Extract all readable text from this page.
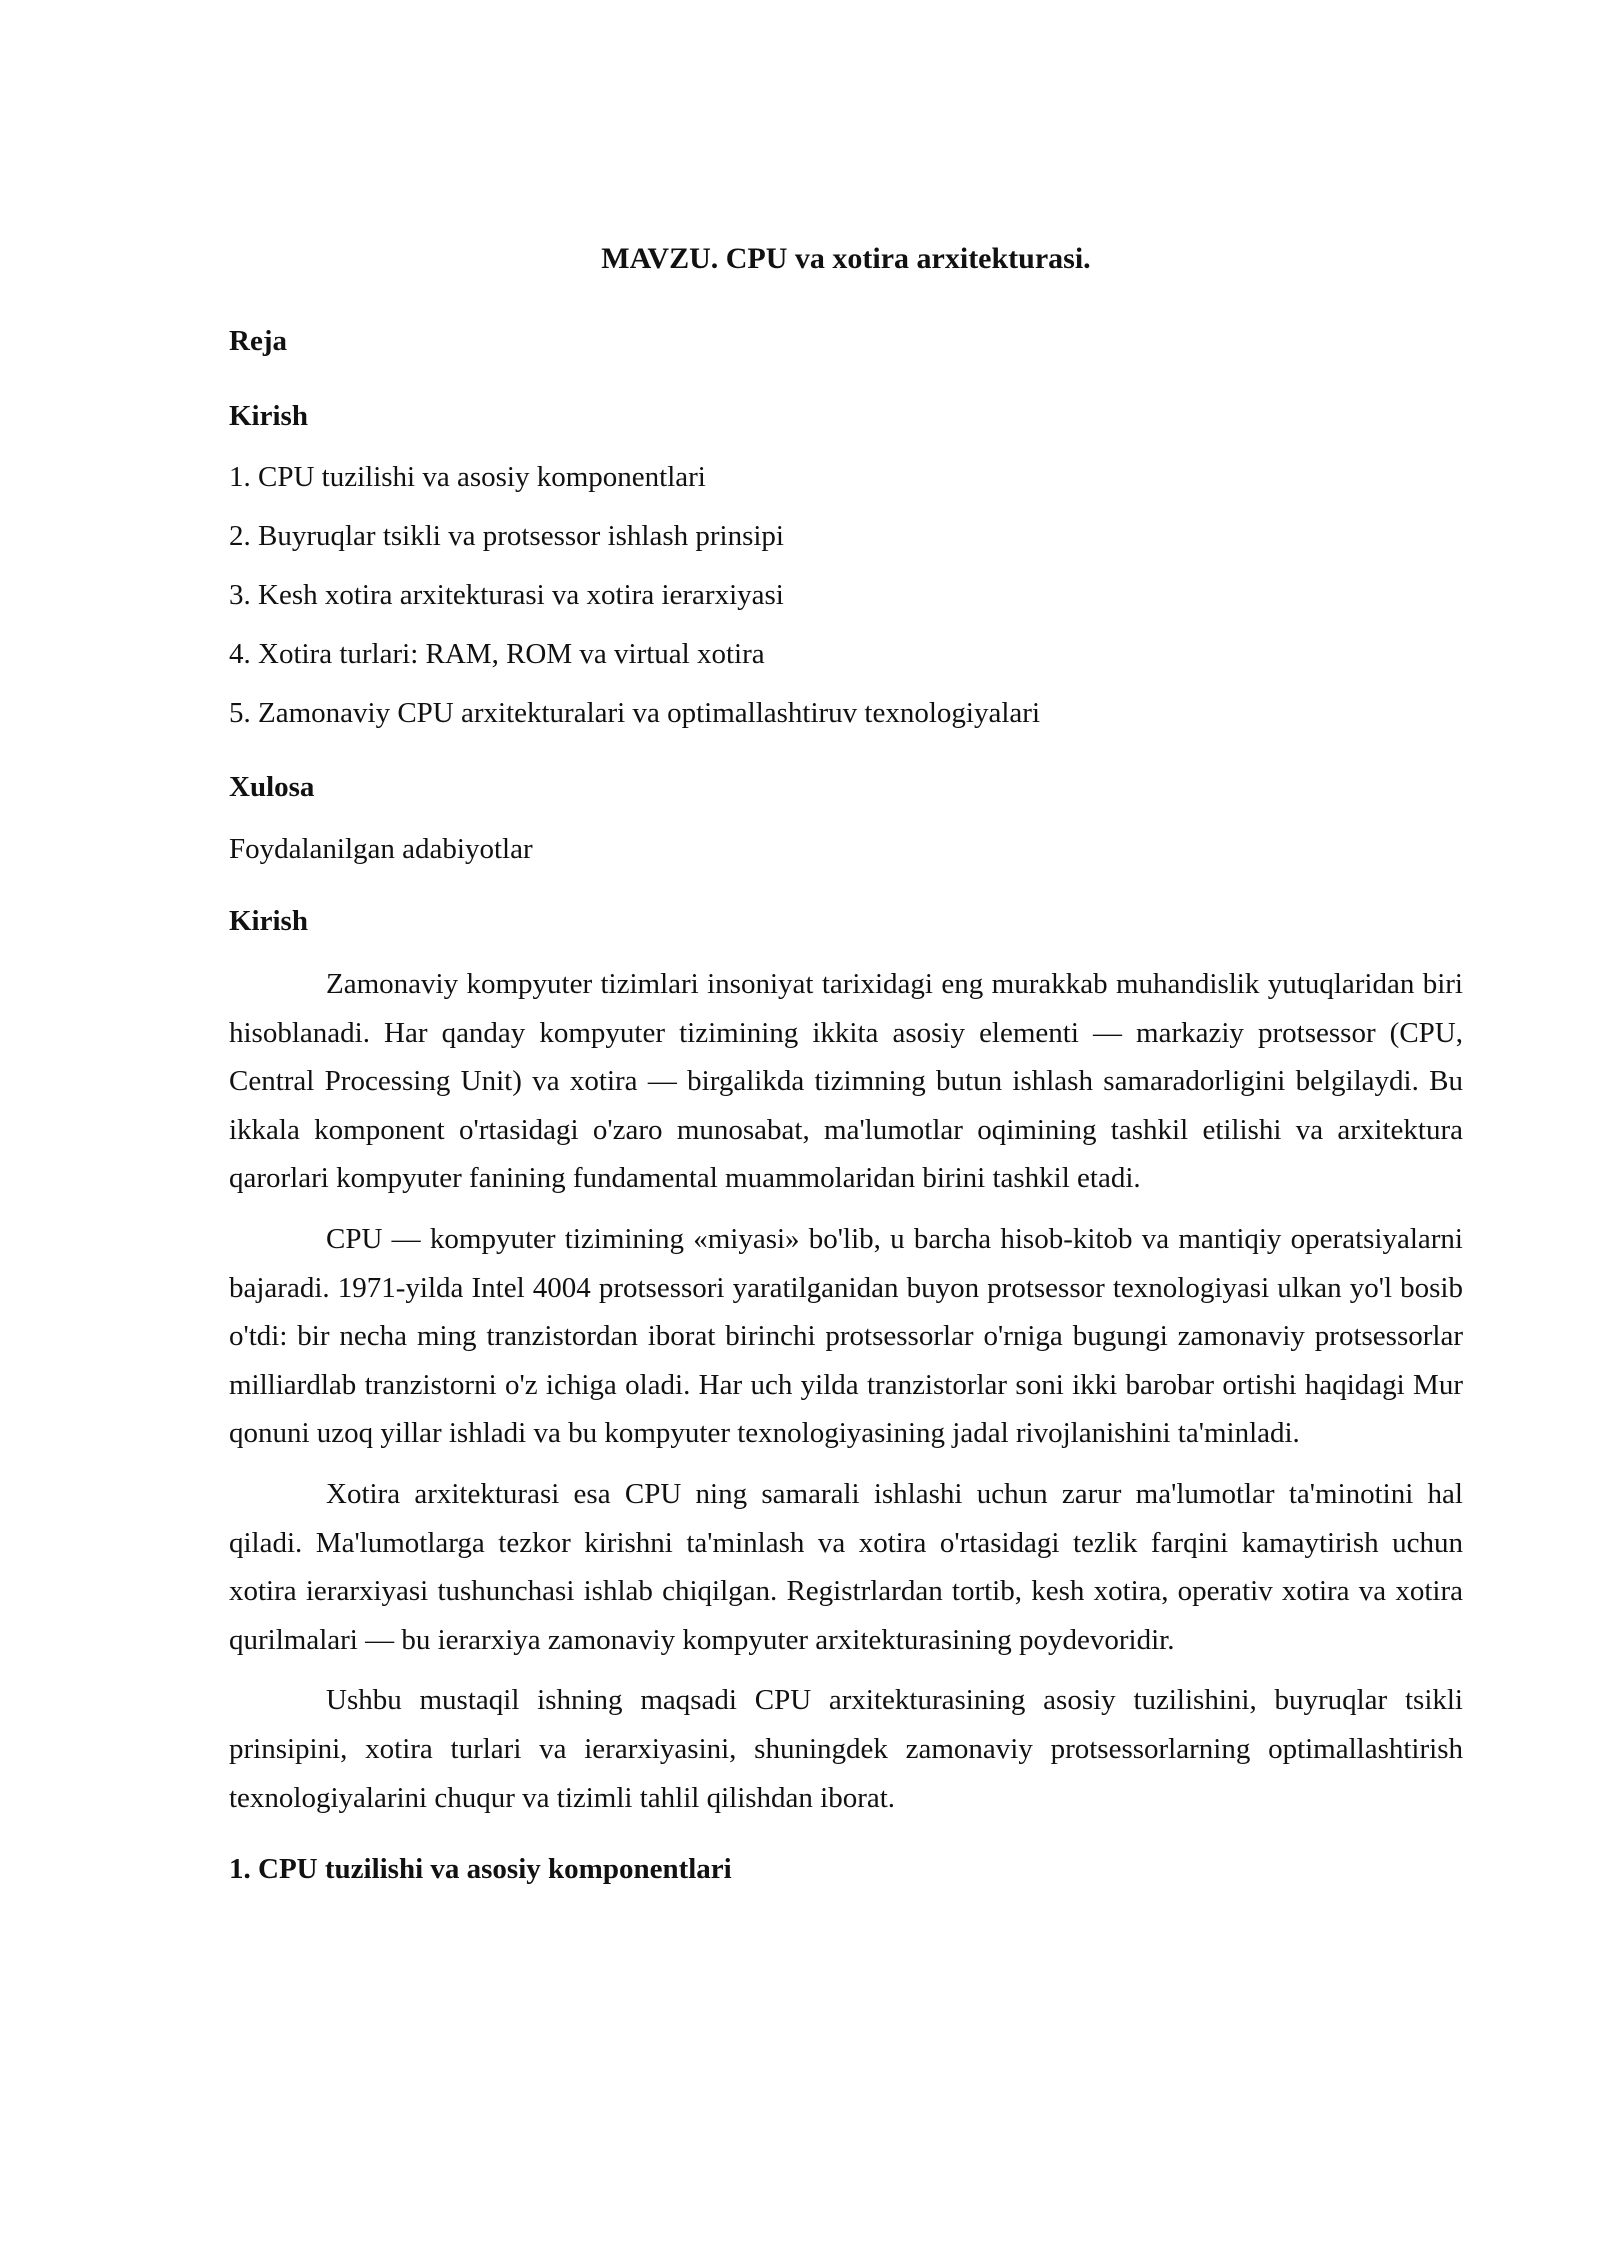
MAVZU. CPU va xotira arxitekturasi.

Reja

Kirish

1. CPU tuzilishi va asosiy komponentlari
2. Buyruqlar tsikli va protsessor ishlash prinsipi
3. Kesh xotira arxitekturasi va xotira ierarxiyasi
4. Xotira turlari: RAM, ROM va virtual xotira
5. Zamonaviy CPU arxitekturalari va optimallashtiruv texnologiyalari

Xulosa

Foydalanilgan adabiyotlar

Kirish

Zamonaviy kompyuter tizimlari insoniyat tarixidagi eng murakkab muhandislik yutuqlaridan biri hisoblanadi. Har qanday kompyuter tizimining ikkita asosiy elementi — markaziy protsessor (CPU, Central Processing Unit) va xotira — birgalikda tizimning butun ishlash samaradorligini belgilaydi. Bu ikkala komponent o'rtasidagi o'zaro munosabat, ma'lumotlar oqimining tashkil etilishi va arxitektura qarorlari kompyuter fanining fundamental muammolaridan birini tashkil etadi.

CPU — kompyuter tizimining «miyasi» bo'lib, u barcha hisob-kitob va mantiqiy operatsiyalarni bajaradi. 1971-yilda Intel 4004 protsessori yaratilganidan buyon protsessor texnologiyasi ulkan yo'l bosib o'tdi: bir necha ming tranzistordan iborat birinchi protsessorlar o'rniga bugungi zamonaviy protsessorlar milliardlab tranzistorni o'z ichiga oladi. Har uch yilda tranzistorlar soni ikki barobar ortishi haqidagi Mur qonuni uzoq yillar ishladi va bu kompyuter texnologiyasining jadal rivojlanishini ta'minladi.

Xotira arxitekturasi esa CPU ning samarali ishlashi uchun zarur ma'lumotlar ta'minotini hal qiladi. Ma'lumotlarga tezkor kirishni ta'minlash va xotira o'rtasidagi tezlik farqini kamaytirish uchun xotira ierarxiyasi tushunchasi ishlab chiqilgan. Registrlardan tortib, kesh xotira, operativ xotira va xotira qurilmalari — bu ierarxiya zamonaviy kompyuter arxitekturasining poydevoridir.

Ushbu mustaqil ishning maqsadi CPU arxitekturasining asosiy tuzilishini, buyruqlar tsikli prinsipini, xotira turlari va ierarxiyasini, shuningdek zamonaviy protsessorlarning optimallashtirish texnologiyalarini chuqur va tizimli tahlil qilishdan iborat.

1. CPU tuzilishi va asosiy komponentlari
